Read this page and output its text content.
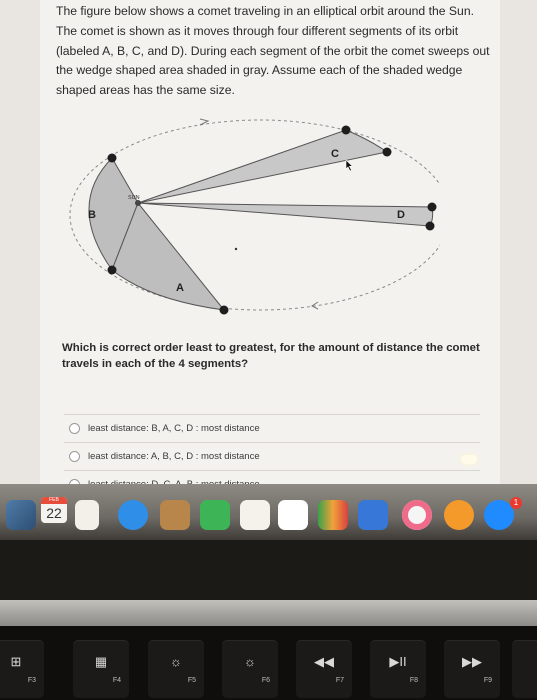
The figure below shows a comet traveling in an elliptical orbit around the Sun. The comet is shown as it moves through four different segments of its orbit (labeled A, B, C, and D). During each segment of the orbit the comet sweeps out the wedge shaped area shaded in gray. Assume each of the shaded wedge shaped areas has the same size.

SUN
B
A
C
D

Which is correct order least to greatest, for the amount of distance the comet travels in each of the 4 segments?

least distance: B, A, C, D : most distance
least distance: A, B, C, D : most distance
FEB
22
1
⊞
F3
▦
F4
☼
F5
☼
F6
◀◀
F7
▶II
F8
▶▶
F9
